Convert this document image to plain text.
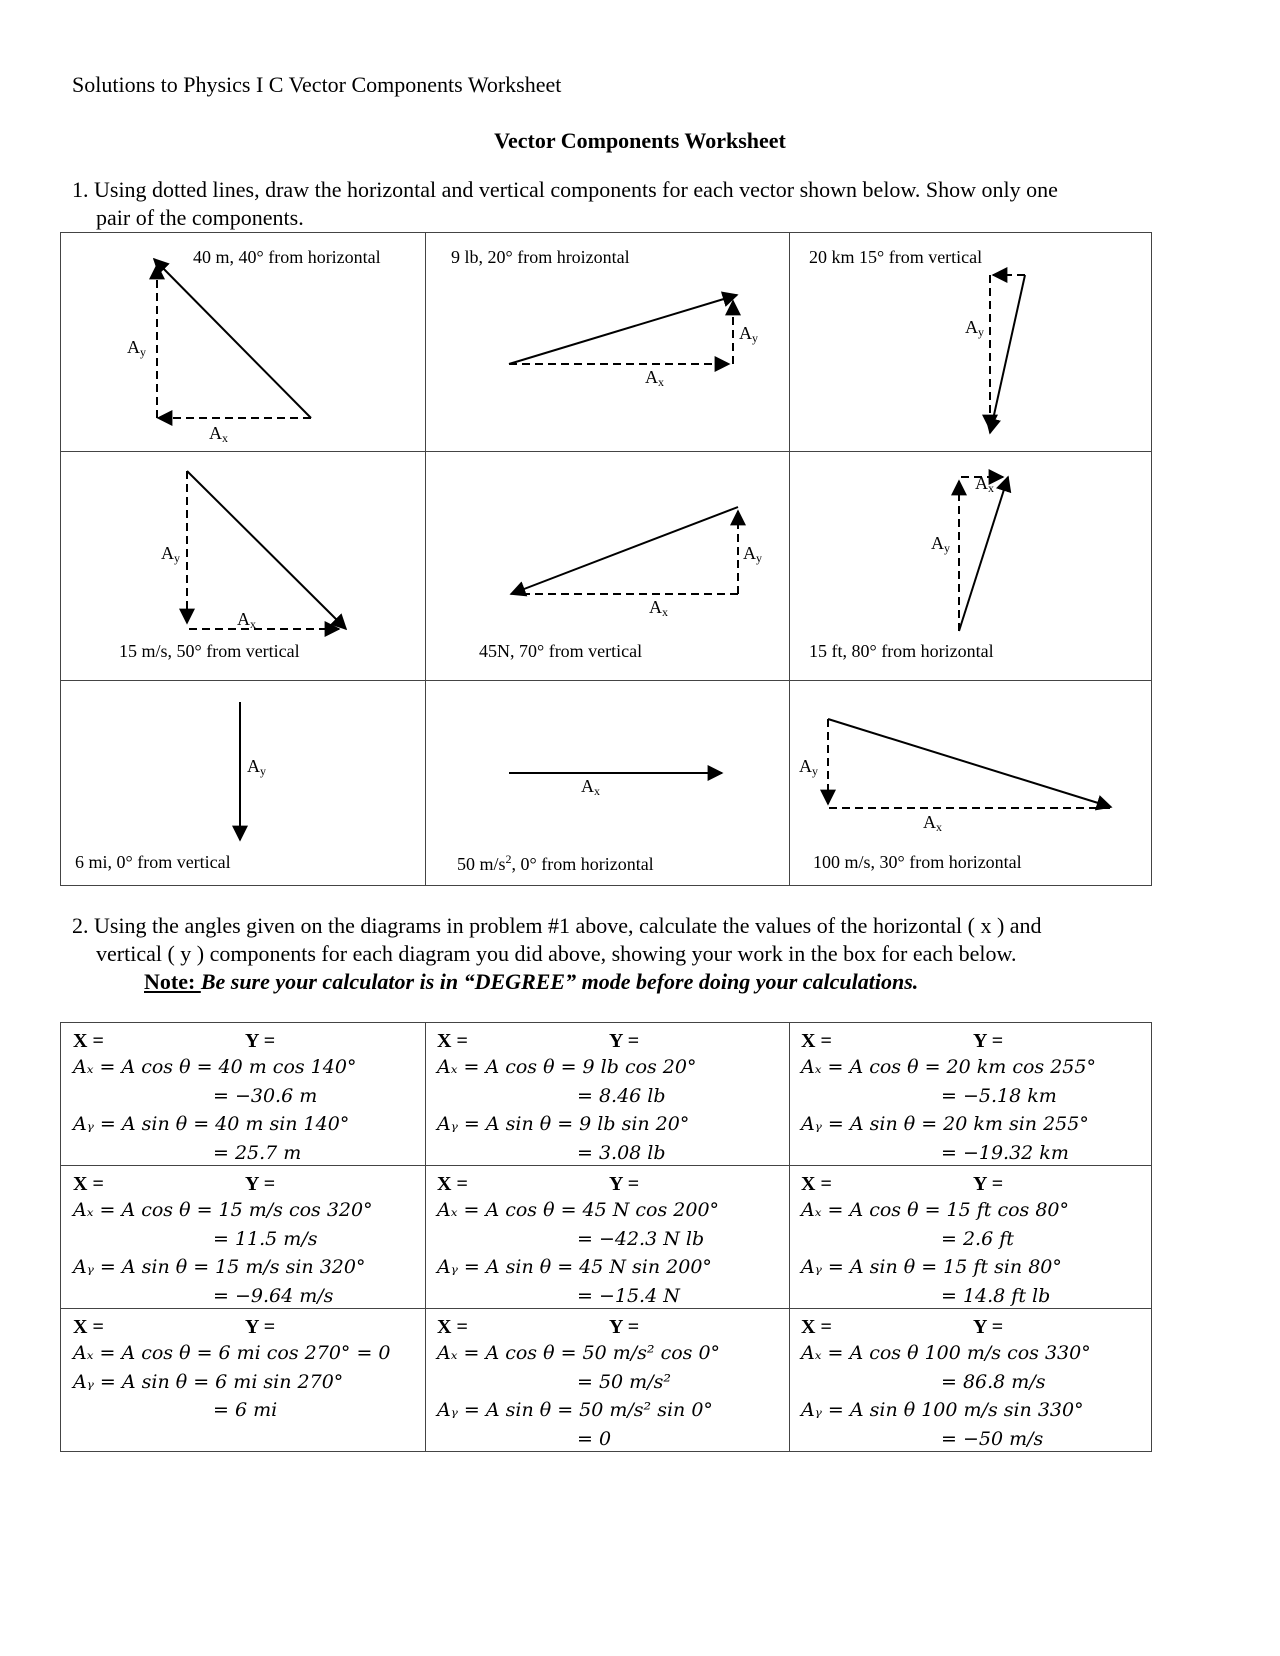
Solutions to Physics I C Vector Components Worksheet
Vector Components Worksheet
1. Using dotted lines, draw the horizontal and vertical components for each vector shown below. Show only one
pair of the components.
40 m, 40° from horizontal
$A_y$
$A_x$
9 lb, 20° from hroizontal
$A_y$
$A_x$
20 km 15° from vertical
$A_y$
$A_y$
$A_x$
15 m/s, 50° from vertical
$A_y$
$A_x$
45N, 70° from vertical
$A_y$
$A_x$
15 ft, 80° from horizontal
$A_y$
6 mi, 0° from vertical
$A_x$
50 $m/s^2$, 0° from horizontal
$A_y$
$A_x$
100 m/s, 30° from horizontal
2. Using the angles given on the diagrams in problem #1 above, calculate the values of the horizontal ( x ) and
vertical ( y ) components for each diagram you did above, showing your work in the box for each below.
Note: Be sure your calculator is in “DEGREE” mode before doing your calculations.
X =	Y =
Aₓ = A cos θ = 40 m cos 140°
= −30.6 m
Aᵧ = A sin θ = 40 m sin 140°
= 25.7 m
X =	Y =
Aₓ = A cos θ = 9 lb cos 20°
= 8.46 lb
Aᵧ = A sin θ = 9 lb sin 20°
= 3.08 lb
X =	Y =
Aₓ = A cos θ = 20 km cos 255°
= −5.18 km
Aᵧ = A sin θ = 20 km sin 255°
= −19.32 km
X =	Y =
Aₓ = A cos θ = 15 m/s cos 320°
= 11.5 m/s
Aᵧ = A sin θ = 15 m/s sin 320°
= −9.64 m/s
X =	Y =
Aₓ = A cos θ = 45 N cos 200°
= −42.3 N lb
Aᵧ = A sin θ = 45 N sin 200°
= −15.4 N
X =	Y =
Aₓ = A cos θ = 15 ft cos 80°
= 2.6 ft
Aᵧ = A sin θ = 15 ft sin 80°
= 14.8 ft lb
X =	Y =
Aₓ = A cos θ = 6 mi cos 270° = 0
Aᵧ = A sin θ = 6 mi sin 270°
= 6 mi
X =	Y =
Aₓ = A cos θ = 50 m/s² cos 0°
= 50 m/s²
Aᵧ = A sin θ = 50 m/s² sin 0°
= 0
X =	Y =
Aₓ = A cos θ 100 m/s cos 330°
= 86.8 m/s
Aᵧ = A sin θ 100 m/s sin 330°
= −50 m/s
